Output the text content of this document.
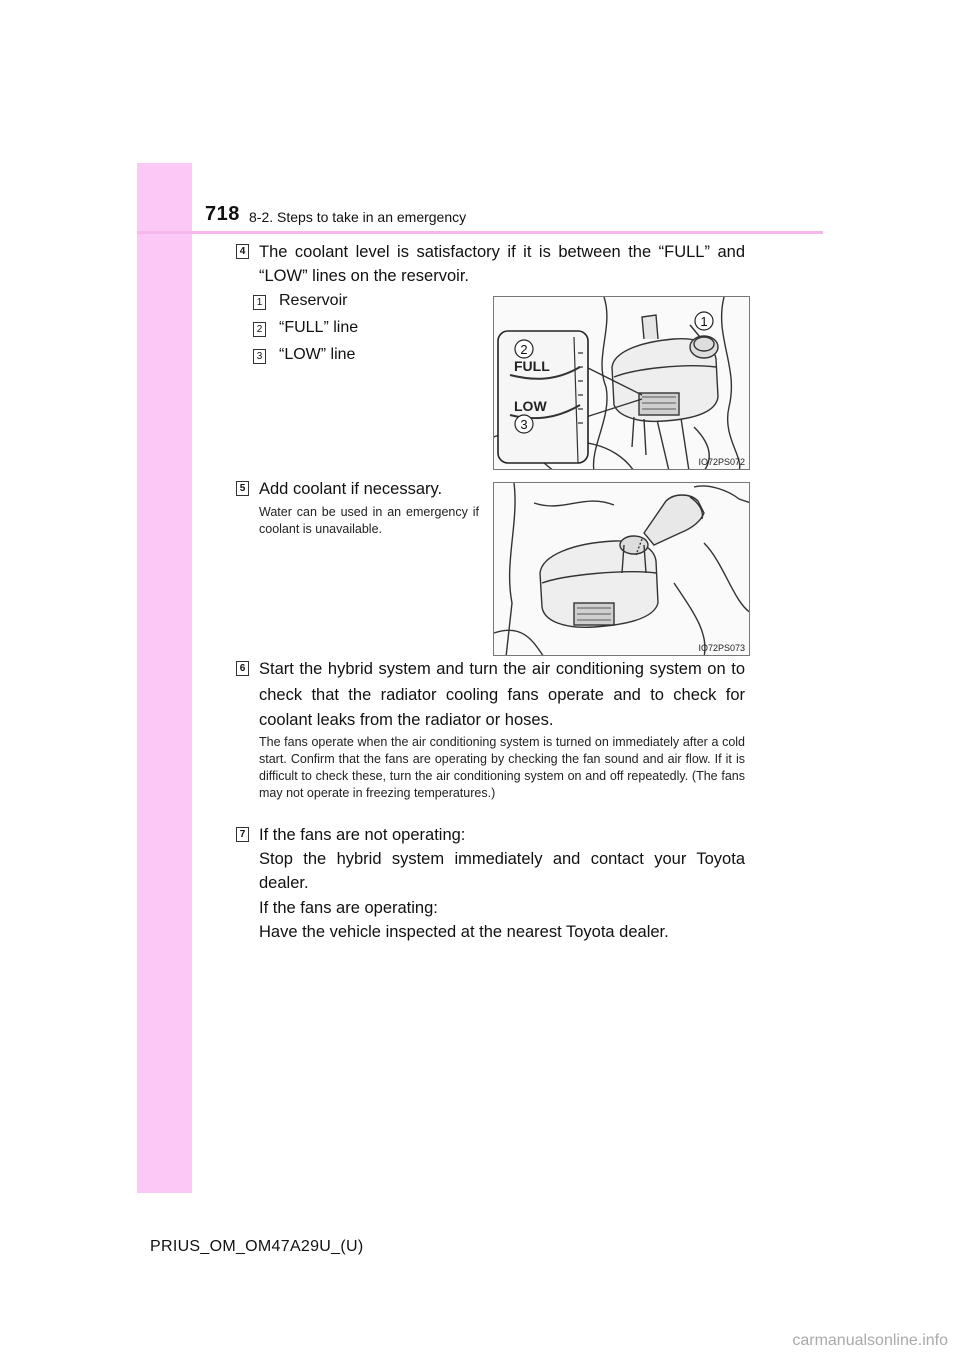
718 8-2. Steps to take in an emergency
4 The coolant level is satisfactory if it is between the “FULL” and “LOW” lines on the reservoir.
1 Reservoir
2 “FULL” line
3 “LOW” line
FULL
LOW
2
3
1
IO72PS072
5 Add coolant if necessary.
Water can be used in an emergency if coolant is unavailable.
IO72PS073
6 Start the hybrid system and turn the air conditioning system on to check that the radiator cooling fans operate and to check for coolant leaks from the radiator or hoses.
The fans operate when the air conditioning system is turned on immediately after a cold start. Confirm that the fans are operating by checking the fan sound and air flow. If it is difficult to check these, turn the air conditioning system on and off repeatedly. (The fans may not operate in freezing temperatures.)
7 If the fans are not operating:
Stop the hybrid system immediately and contact your Toyota dealer.
If the fans are operating:
Have the vehicle inspected at the nearest Toyota dealer.
PRIUS_OM_OM47A29U_(U)
carmanualsonline.info
